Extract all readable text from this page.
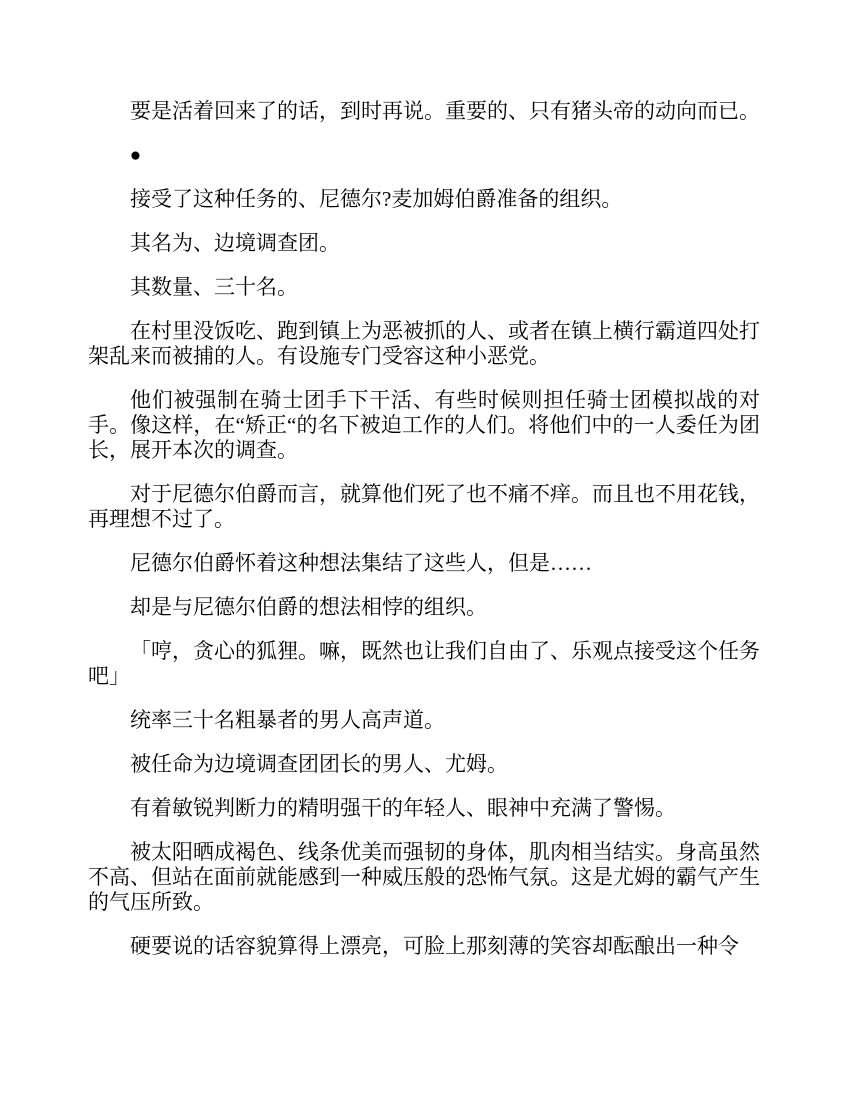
要是活着回来了的话，到时再说。重要的、只有猪头帝的动向而已。

●

接受了这种任务的、尼德尔?麦加姆伯爵准备的组织。

其名为、边境调查团。

其数量、三十名。

在村里没饭吃、跑到镇上为恶被抓的人、或者在镇上横行霸道四处打架乱来而被捕的人。有设施专门受容这种小恶党。

他们被强制在骑士团手下干活、有些时候则担任骑士团模拟战的对手。像这样，在“矫正“的名下被迫工作的人们。将他们中的一人委任为团长，展开本次的调查。

对于尼德尔伯爵而言，就算他们死了也不痛不痒。而且也不用花钱，再理想不过了。

尼德尔伯爵怀着这种想法集结了这些人，但是……

却是与尼德尔伯爵的想法相悖的组织。

「哼，贪心的狐狸。嘛，既然也让我们自由了、乐观点接受这个任务吧」

统率三十名粗暴者的男人高声道。

被任命为边境调查团团长的男人、尤姆。

有着敏锐判断力的精明强干的年轻人、眼神中充满了警惕。

被太阳晒成褐色、线条优美而强韧的身体，肌肉相当结实。身高虽然不高、但站在面前就能感到一种威压般的恐怖气氛。这是尤姆的霸气产生的气压所致。

硬要说的话容貌算得上漂亮，可脸上那刻薄的笑容却酝酿出一种令
